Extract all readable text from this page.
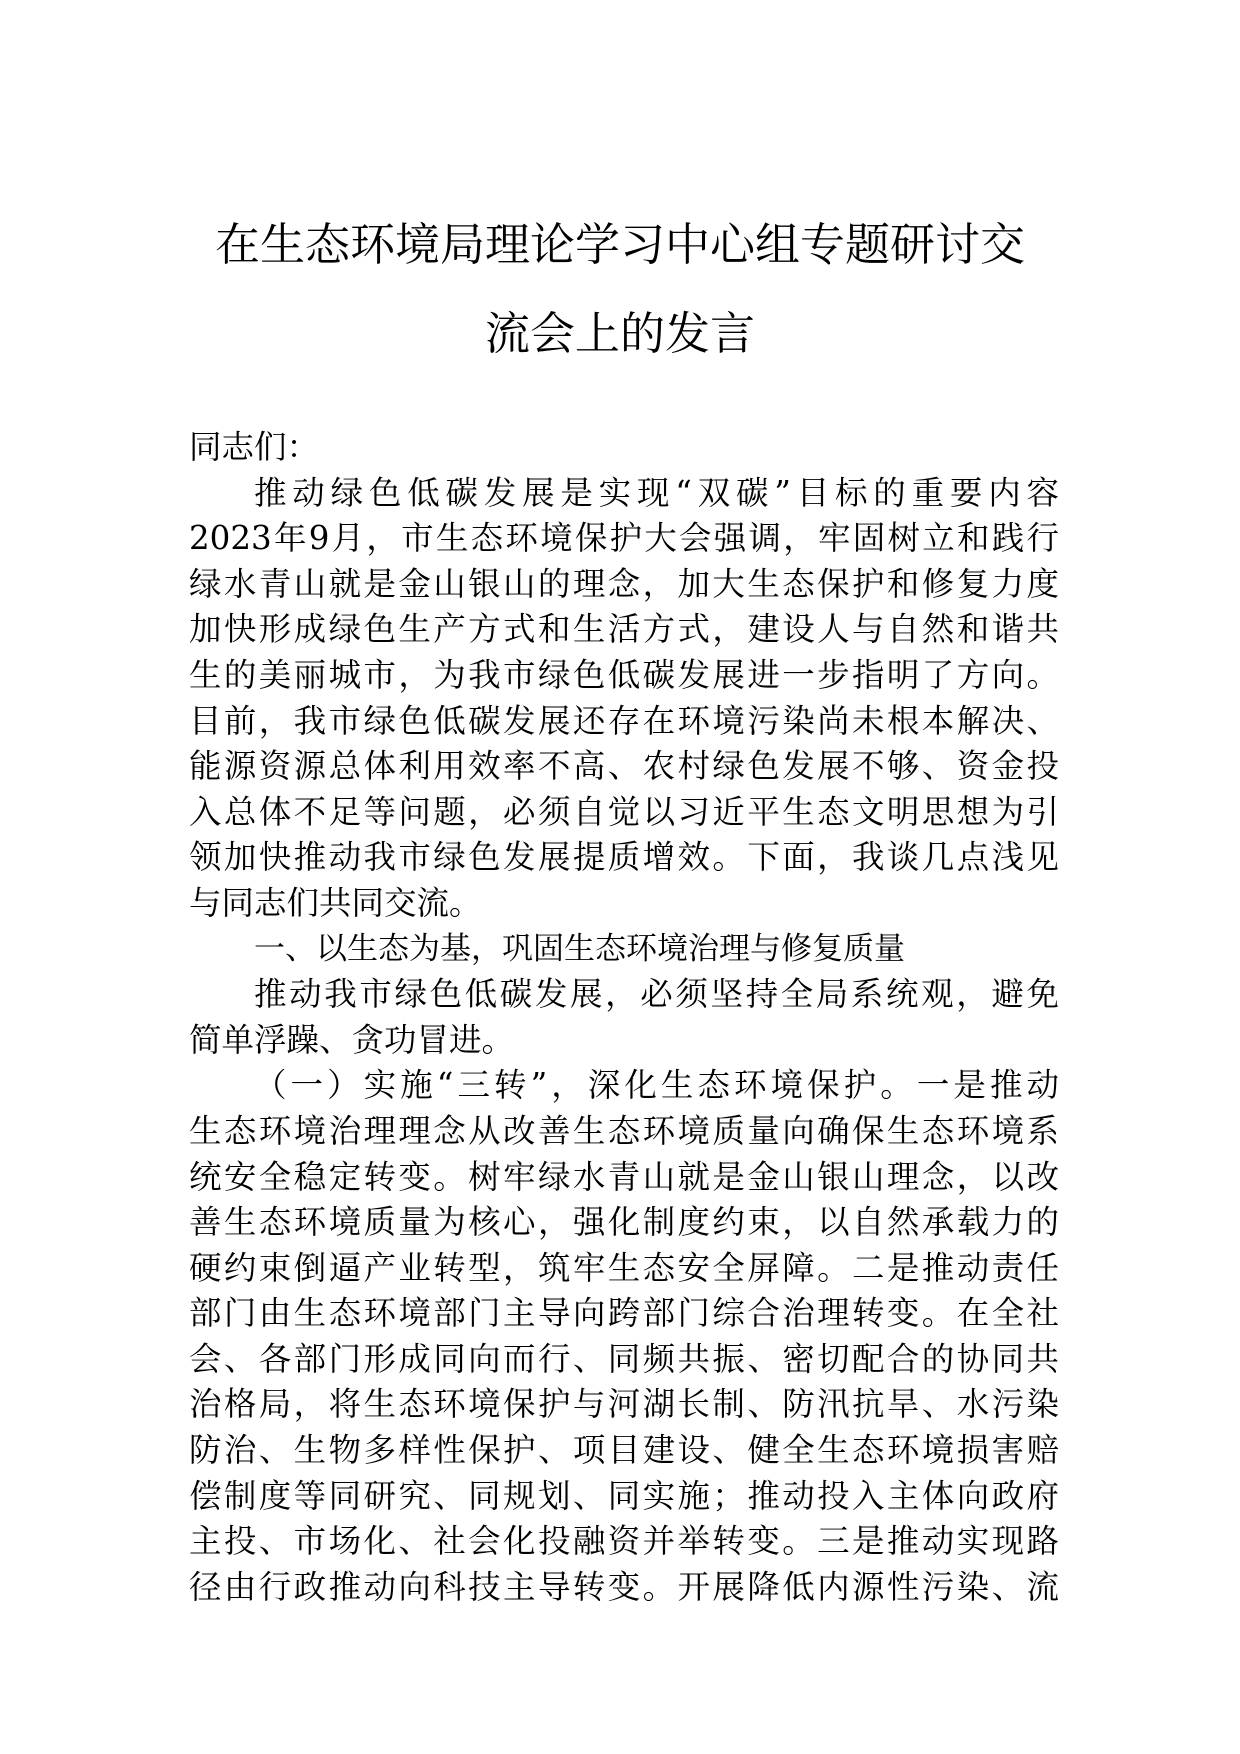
在生态环境局理论学习中心组专题研讨交
流会上的发言
同志们：
推动绿色低碳发展是实现“双碳”目标的重要内容
2023年9月，市生态环境保护大会强调，牢固树立和践行
绿水青山就是金山银山的理念，加大生态保护和修复力度
加快形成绿色生产方式和生活方式，建设人与自然和谐共
生的美丽城市，为我市绿色低碳发展进一步指明了方向。
目前，我市绿色低碳发展还存在环境污染尚未根本解决、
能源资源总体利用效率不高、农村绿色发展不够、资金投
入总体不足等问题，必须自觉以习近平生态文明思想为引
领加快推动我市绿色发展提质增效。下面，我谈几点浅见
与同志们共同交流。
一、以生态为基，巩固生态环境治理与修复质量
推动我市绿色低碳发展，必须坚持全局系统观，避免
简单浮躁、贪功冒进。
（一）实施“三转”，深化生态环境保护。一是推动
生态环境治理理念从改善生态环境质量向确保生态环境系
统安全稳定转变。树牢绿水青山就是金山银山理念，以改
善生态环境质量为核心，强化制度约束，以自然承载力的
硬约束倒逼产业转型，筑牢生态安全屏障。二是推动责任
部门由生态环境部门主导向跨部门综合治理转变。在全社
会、各部门形成同向而行、同频共振、密切配合的协同共
治格局，将生态环境保护与河湖长制、防汛抗旱、水污染
防治、生物多样性保护、项目建设、健全生态环境损害赔
偿制度等同研究、同规划、同实施；推动投入主体向政府
主投、市场化、社会化投融资并举转变。三是推动实现路
径由行政推动向科技主导转变。开展降低内源性污染、流
